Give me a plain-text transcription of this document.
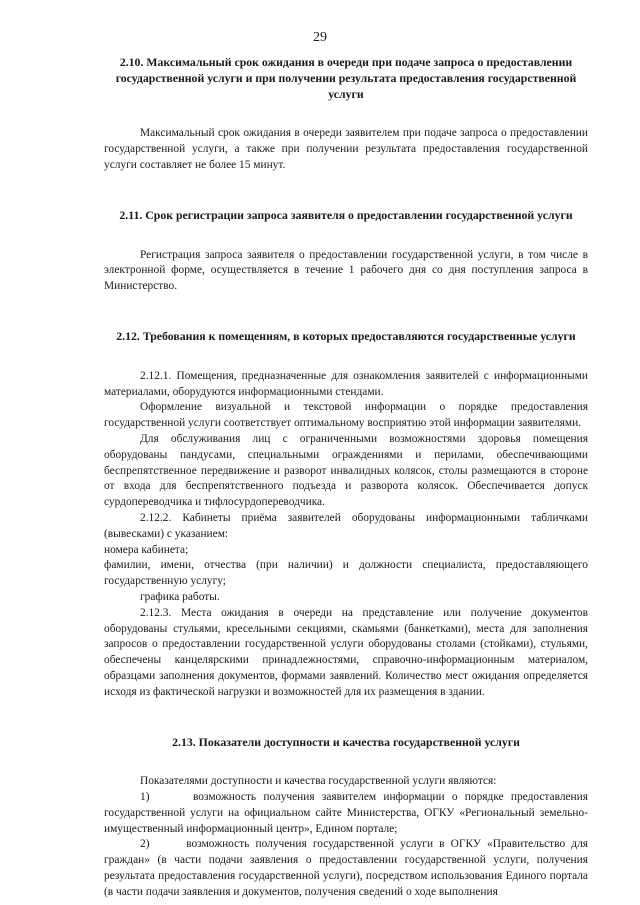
29

2.10. Максимальный срок ожидания в очереди при подаче запроса о предоставлении государственной услуги и при получении результата предоставления государственной услуги

Максимальный срок ожидания в очереди заявителем при подаче запроса о предоставлении государственной услуги, а также при получении результата предоставления государственной услуги составляет не более 15 минут.

2.11. Срок регистрации запроса заявителя о предоставлении государственной услуги

Регистрация запроса заявителя о предоставлении государственной услуги, в том числе в электронной форме, осуществляется в течение 1 рабочего дня со дня поступления запроса в Министерство.

2.12. Требования к помещениям, в которых предоставляются государственные услуги

2.12.1. Помещения, предназначенные для ознакомления заявителей с информационными материалами, оборудуются информационными стендами.

Оформление визуальной и текстовой информации о порядке предоставления государственной услуги соответствует оптимальному восприятию этой информации заявителями.

Для обслуживания лиц с ограниченными возможностями здоровья помещения оборудованы пандусами, специальными ограждениями и перилами, обеспечивающими беспрепятственное передвижение и разворот инвалидных колясок, столы размещаются в стороне от входа для беспрепятственного подъезда и разворота колясок. Обеспечивается допуск сурдопереводчика и тифлосурдопереводчика.

2.12.2. Кабинеты приёма заявителей оборудованы информационными табличками (вывесками) с указанием:

номера кабинета;

фамилии, имени, отчества (при наличии) и должности специалиста, предоставляющего государственную услугу;

графика работы.

2.12.3. Места ожидания в очереди на представление или получение документов оборудованы стульями, кресельными секциями, скамьями (банкетками), места для заполнения запросов о предоставлении государственной услуги оборудованы столами (стойками), стульями, обеспечены канцелярскими принадлежностями, справочно-информационным материалом, образцами заполнения документов, формами заявлений. Количество мест ожидания определяется исходя из фактической нагрузки и возможностей для их размещения в здании.

2.13. Показатели доступности и качества государственной услуги

Показателями доступности и качества государственной услуги являются:

1)      возможность получения заявителем информации о порядке предоставления государственной услуги на официальном сайте Министерства, ОГКУ «Региональный земельно-имущественный информационный центр», Едином портале;

2)      возможность получения государственной услуги в ОГКУ «Правительство для граждан» (в части подачи заявления о предоставлении государственной услуги, получения результата предоставления государственной услуги), посредством использования Единого портала (в части подачи заявления и документов, получения сведений о ходе выполнения
